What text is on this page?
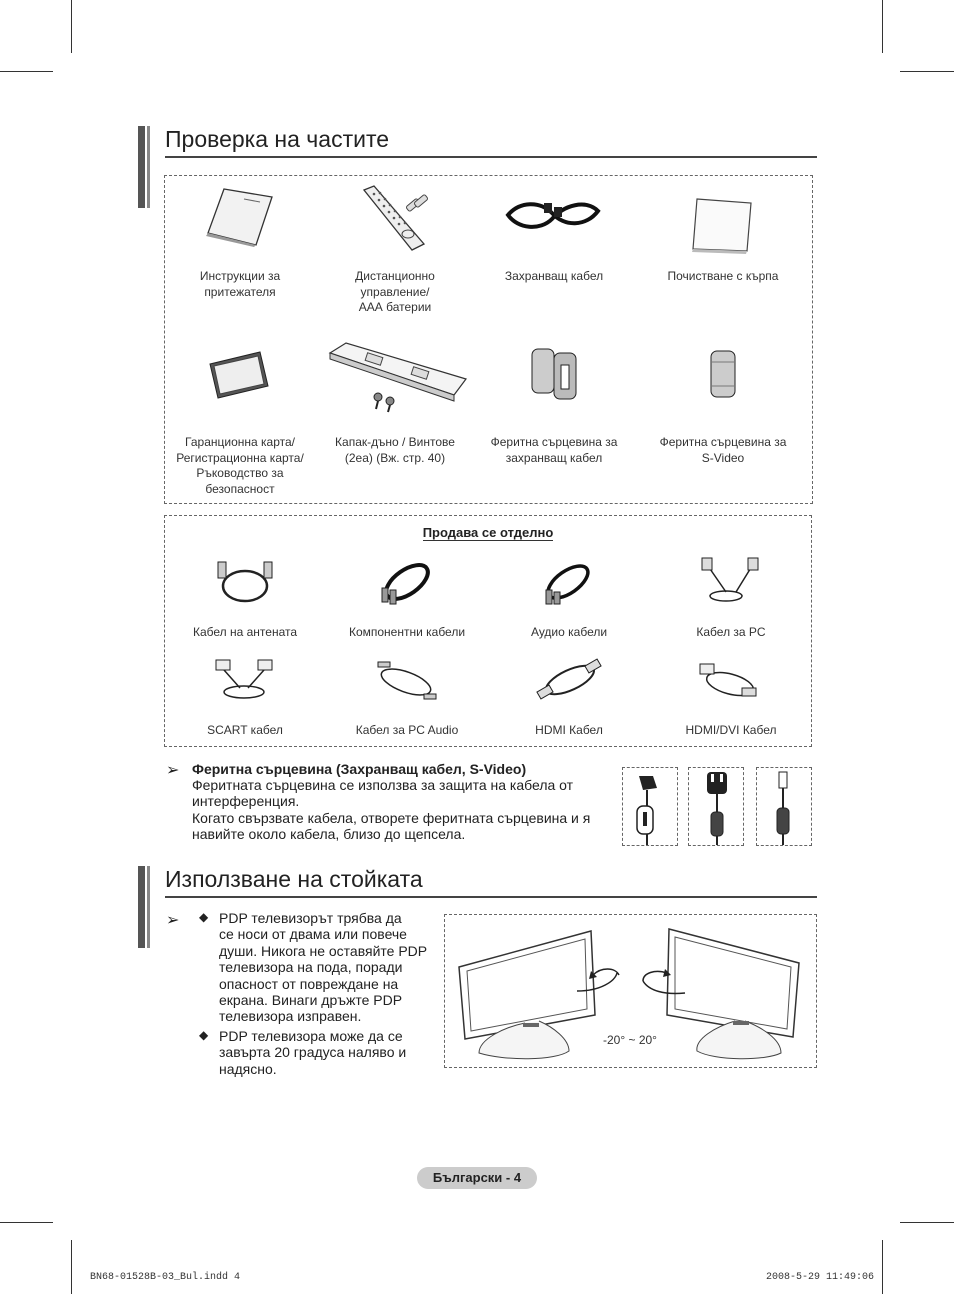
Проверка на частите
Инструкции за
притежателя
Дистанционно
управление/
ААА батерии
Захранващ кабел	Почистване с кърпа
Гаранционна карта/
Регистрационна карта/
Ръководство за
безопасност
Капак-дъно / Винтове
(2еа) (Вж. стр. 40)
Феритна сърцевина за
захранващ кабел
Феритна сърцевина за
S-Video
Продава се отделно
Кабел на антената	Компонентни кабели	Аудио кабели	Кабел за PC
SCART кабел	Кабел за PC Audio	HDMI Кабел	HDMI/DVI Кабел
➢ Феритна сърцевина (Захранващ кабел, S-Video)
Феритната сърцевина се използва за защита на кабела от
интерференция.
Когато свързвате кабела, отворете феритната сърцевина и я
навийте около кабела, близо до щепсела.
Използване на стойката
➢ ◆ PDP телевизорът трябва да
се носи от двама или повече
души. Никога не оставяйте PDP
телевизора на пода, поради
опасност от повреждане на
екрана. Винаги дръжте PDP
телевизора изправен.
◆ PDP телевизора може да се
завърта 20 градуса наляво и
надясно.
-20° ~ 20°
Български - 4
BN68-01528B-03_Bul.indd 4	2008-5-29 11:49:06
